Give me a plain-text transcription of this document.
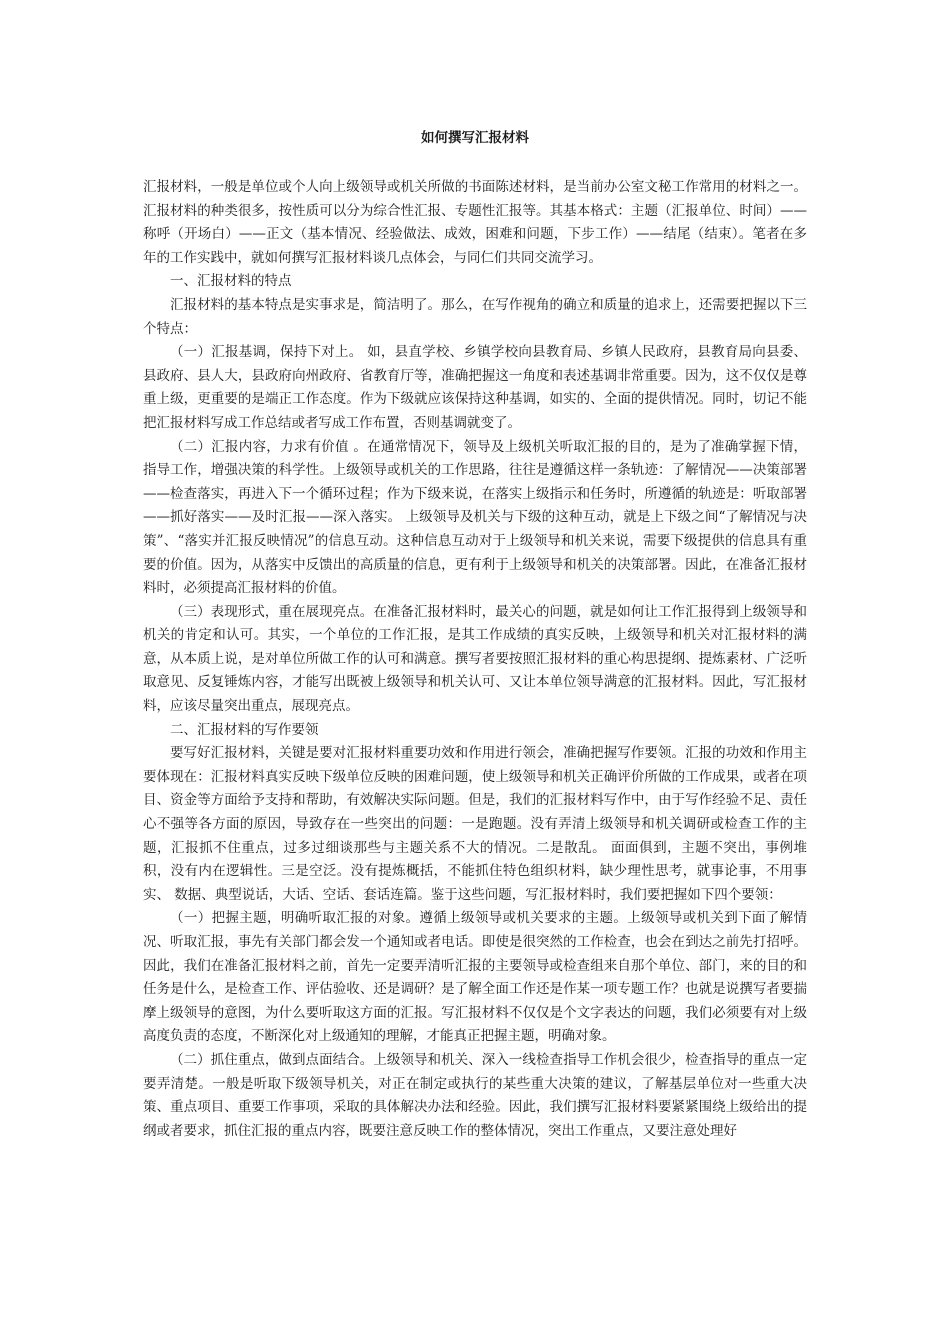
如何撰写汇报材料

汇报材料，一般是单位或个人向上级领导或机关所做的书面陈述材料，是当前办公室文秘工作常用的材料之一。汇报材料的种类很多，按性质可以分为综合性汇报、专题性汇报等。其基本格式：主题（汇报单位、时间）——称呼（开场白）——正文（基本情况、经验做法、成效，困难和问题，下步工作）——结尾（结束）。笔者在多年的工作实践中，就如何撰写汇报材料谈几点体会，与同仁们共同交流学习。

一、汇报材料的特点

汇报材料的基本特点是实事求是，简洁明了。那么，在写作视角的确立和质量的追求上，还需要把握以下三个特点：

（一）汇报基调，保持下对上。 如，县直学校、乡镇学校向县教育局、乡镇人民政府，县教育局向县委、县政府、县人大，县政府向州政府、省教育厅等，准确把握这一角度和表述基调非常重要。因为，这不仅仅是尊重上级，更重要的是端正工作态度。作为下级就应该保持这种基调，如实的、全面的提供情况。同时，切记不能把汇报材料写成工作总结或者写成工作布置，否则基调就变了。

（二）汇报内容，力求有价值 。在通常情况下，领导及上级机关听取汇报的目的，是为了准确掌握下情，指导工作，增强决策的科学性。上级领导或机关的工作思路，往往是遵循这样一条轨迹：了解情况——决策部署——检查落实，再进入下一个循环过程；作为下级来说，在落实上级指示和任务时，所遵循的轨迹是：听取部署——抓好落实——及时汇报——深入落实。 上级领导及机关与下级的这种互动，就是上下级之间“了解情况与决策”、“落实并汇报反映情况”的信息互动。这种信息互动对于上级领导和机关来说，需要下级提供的信息具有重要的价值。因为，从落实中反馈出的高质量的信息，更有利于上级领导和机关的决策部署。因此，在准备汇报材料时，必须提高汇报材料的价值。

（三）表现形式，重在展现亮点。在准备汇报材料时，最关心的问题，就是如何让工作汇报得到上级领导和机关的肯定和认可。其实，一个单位的工作汇报，是其工作成绩的真实反映，上级领导和机关对汇报材料的满意，从本质上说，是对单位所做工作的认可和满意。撰写者要按照汇报材料的重心构思提纲、提炼素材、广泛听取意见、反复锤炼内容，才能写出既被上级领导和机关认可、又让本单位领导满意的汇报材料。因此，写汇报材料，应该尽量突出重点，展现亮点。

二、汇报材料的写作要领

要写好汇报材料，关键是要对汇报材料重要功效和作用进行领会，准确把握写作要领。汇报的功效和作用主要体现在：汇报材料真实反映下级单位反映的困难问题，使上级领导和机关正确评价所做的工作成果，或者在项目、资金等方面给予支持和帮助，有效解决实际问题。但是，我们的汇报材料写作中，由于写作经验不足、责任心不强等各方面的原因，导致存在一些突出的问题：一是跑题。没有弄清上级领导和机关调研或检查工作的主题，汇报抓不住重点，过多过细谈那些与主题关系不大的情况。二是散乱。 面面俱到，主题不突出，事例堆积，没有内在逻辑性。三是空泛。没有提炼概括，不能抓住特色组织材料，缺少理性思考，就事论事，不用事实、 数据、典型说话，大话、空话、套话连篇。鉴于这些问题，写汇报材料时，我们要把握如下四个要领：

（一）把握主题，明确听取汇报的对象。遵循上级领导或机关要求的主题。上级领导或机关到下面了解情况、听取汇报，事先有关部门都会发一个通知或者电话。即使是很突然的工作检查，也会在到达之前先打招呼。因此，我们在准备汇报材料之前，首先一定要弄清听汇报的主要领导或检查组来自那个单位、部门，来的目的和任务是什么，是检查工作、评估验收、还是调研？是了解全面工作还是作某一项专题工作？也就是说撰写者要揣摩上级领导的意图，为什么要听取这方面的汇报。写汇报材料不仅仅是个文字表达的问题，我们必须要有对上级高度负责的态度，不断深化对上级通知的理解，才能真正把握主题，明确对象。

（二）抓住重点，做到点面结合。上级领导和机关、深入一线检查指导工作机会很少，检查指导的重点一定要弄清楚。一般是听取下级领导机关，对正在制定或执行的某些重大决策的建议，了解基层单位对一些重大决策、重点项目、重要工作事项，采取的具体解决办法和经验。因此，我们撰写汇报材料要紧紧围绕上级给出的提纲或者要求，抓住汇报的重点内容，既要注意反映工作的整体情况，突出工作重点，又要注意处理好
